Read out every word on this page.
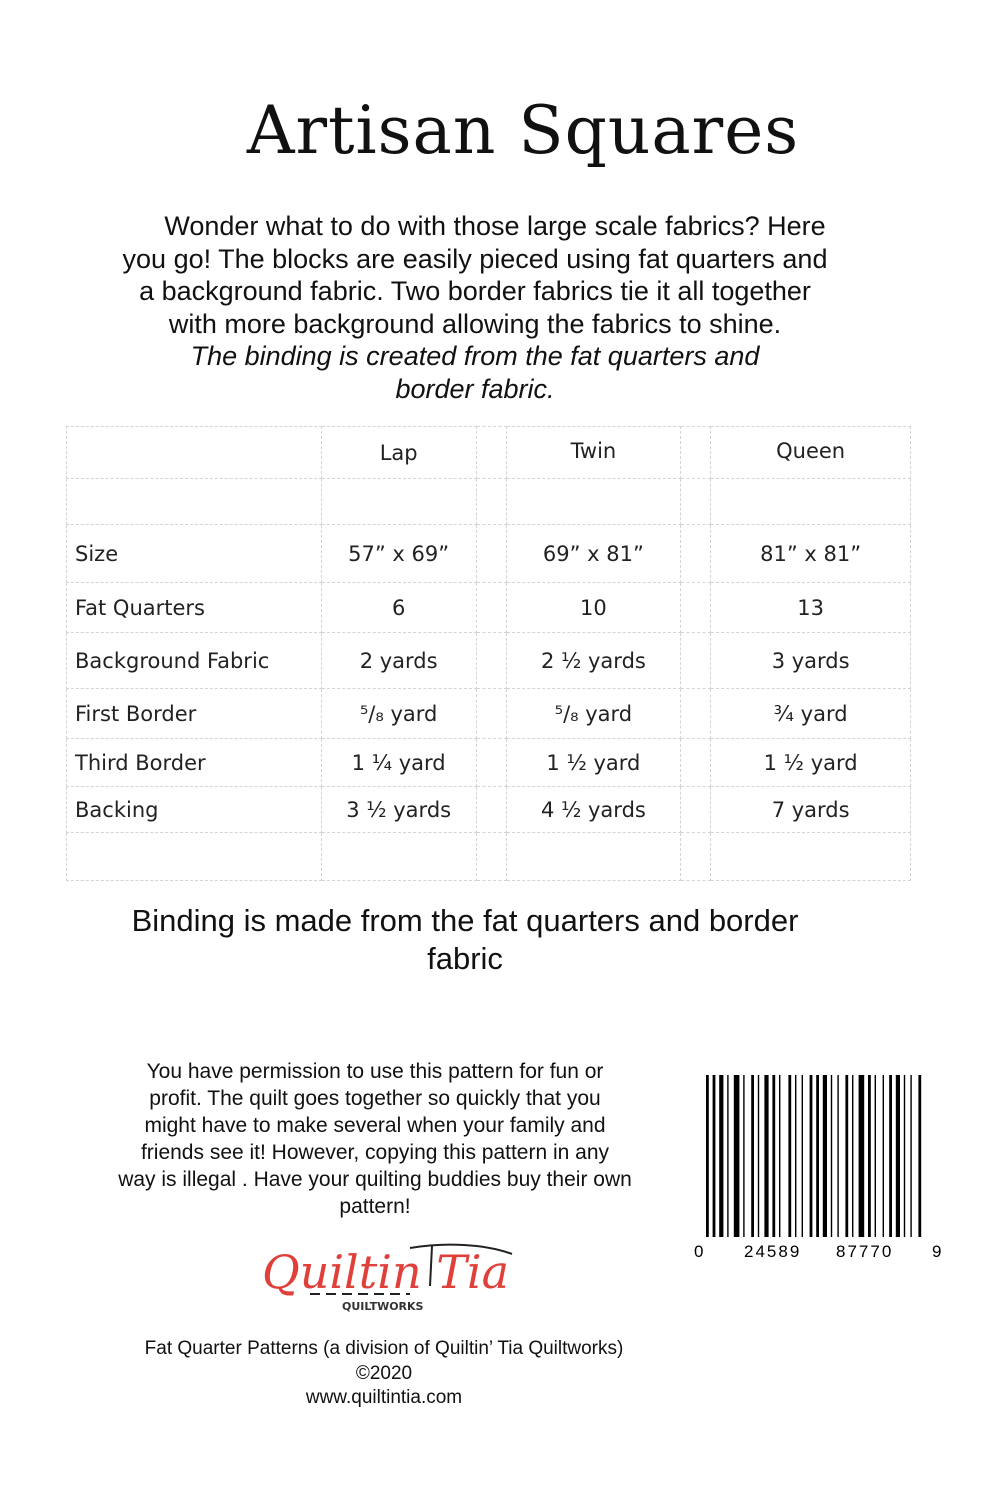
Artisan Squares
Wonder what to do with those large scale fabrics? Here
you go! The blocks are easily pieced using fat quarters and
a background fabric. Two border fabrics tie it all together
with more background allowing the fabrics to shine.
The binding is created from the fat quarters and
border fabric.
	Lap		Twin		Queen

Size	57” x 69”		69” x 81”		81” x 81”
Fat Quarters	6		10		13
Background Fabric	2 yards		2 ½ yards		3 yards
First Border	⁵/₈ yard		⁵/₈ yard		¾ yard
Third Border	1 ¼ yard		1 ½ yard		1 ½ yard
Backing	3 ½ yards		4 ½ yards		7 yards

Binding is made from the fat quarters and border
fabric
You have permission to use this pattern for fun or
profit. The quilt goes together so quickly that you
might have to make several when your family and
friends see it! However, copying this pattern in any
way is illegal . Have your quilting buddies buy their own
pattern!
0 24589 87770 9
Quiltin Tia
QUILTWORKS
Fat Quarter Patterns (a division of Quiltin’ Tia Quiltworks)
©2020
www.quiltintia.com
